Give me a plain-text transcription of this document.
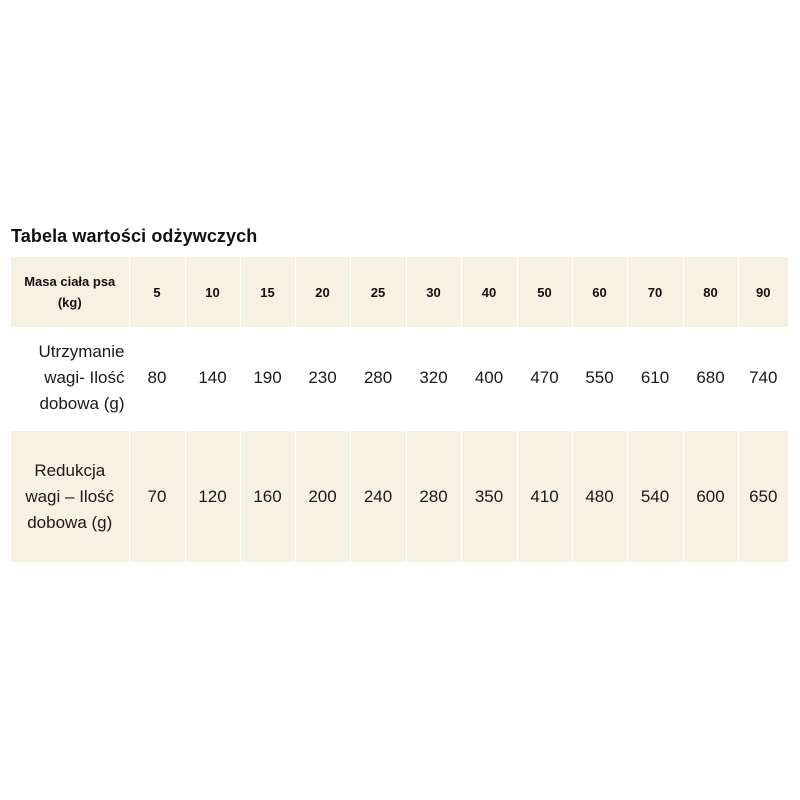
Tabela wartości odżywczych
Masa ciała psa (kg)	5	10	15	20	25	30	40	50	60	70	80	90
Utrzymanie wagi- Ilość dobowa (g)	80	140	190	230	280	320	400	470	550	610	680	740

Redukcja wagi – Ilość dobowa (g)	70	120	160	200	240	280	350	410	480	540	600	650
